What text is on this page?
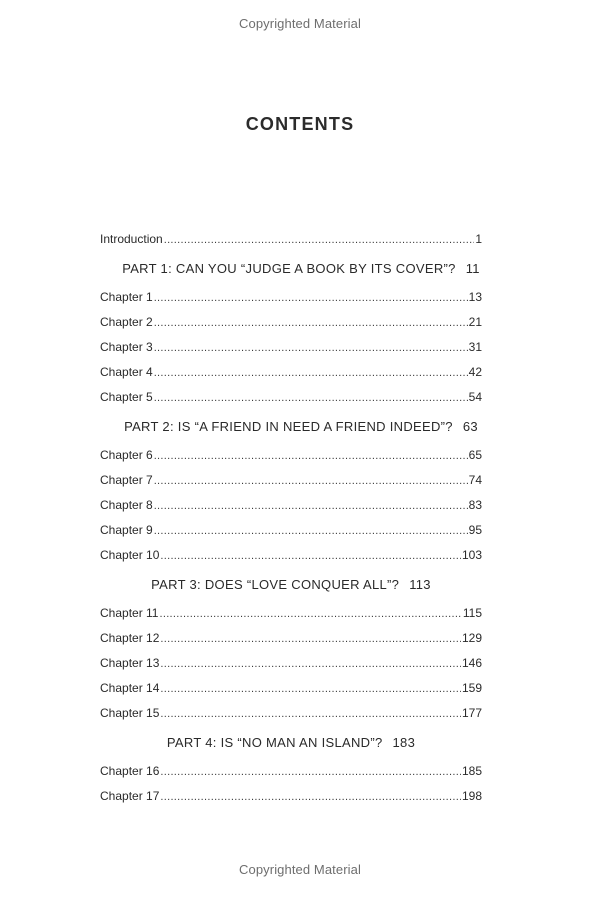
Copyrighted Material
CONTENTS
Introduction .....	1
PART 1: CAN YOU “JUDGE A BOOK BY ITS COVER”? 11
Chapter 1 .....	13
Chapter 2 .....	21
Chapter 3 .....	31
Chapter 4 .....	42
Chapter 5 .....	54
PART 2: IS “A FRIEND IN NEED A FRIEND INDEED”? 63
Chapter 6 .....	65
Chapter 7 .....	74
Chapter 8 .....	83
Chapter 9 .....	95
Chapter 10 .....	103
PART 3: DOES “LOVE CONQUER ALL”? 113
Chapter 11 .....	115
Chapter 12 .....	129
Chapter 13 .....	146
Chapter 14 .....	159
Chapter 15 .....	177
PART 4: IS “NO MAN AN ISLAND”? 183
Chapter 16 .....	185
Chapter 17 .....	198
Copyrighted Material
